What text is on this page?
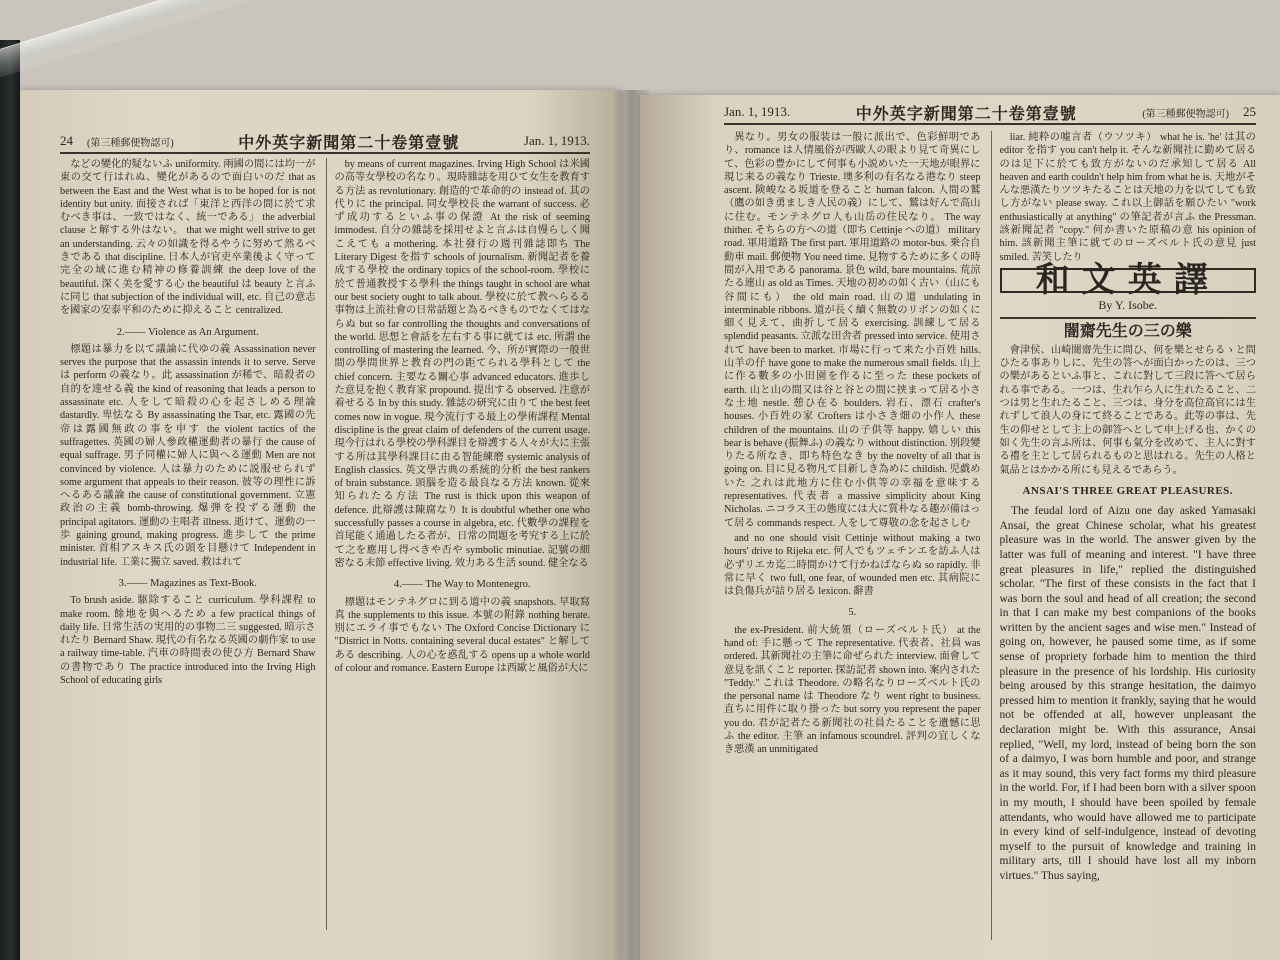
24 (第三種郵便物認可)	中外英字新聞第二十卷第壹號	Jan. 1, 1913.

などの變化的疑ないふ uniformity. 兩國の間には均一が東の交て行はれぬ、變化があるので面白いのだ that as between the East and the West what is to be hoped for is not identity but unity. 面接されば「東洋と西洋の間に於て求むべき事は、一致ではなく、統一である」 the adverbial clause と解する外はない。 that we might well strive to get an understanding. 云々の如識を得るやうに努めて然るべきである that discipline. 日本人が官吏卒業後よく守って完全の域に進む精神の修養訓練 the deep love of the beautiful. 深く美を愛する心 the beautiful は beauty と言ふに同じ that subjection of the individual will, etc. 自己の意志を國家の安泰平和のために抑えること centralized.

2.—— Violence as An Argument.

標題は暴力を以て議論に代ゆの義 Assassination never serves the purpose that the assassin intends it to serve. Serve は perform の義なり。此 assassination が稀で、暗殺者の自的を達せる義 the kind of reasoning that leads a person to assassinate etc. 人をして暗殺の心を起さしめる理論 dastardly. 卑怯なる By assassinating the Tsar, etc. 露國の先帝は露國無政の事を申す the violent tactics of the suffragettes. 英國の婦人參政權運動者の暴行 the cause of equal suffrage. 男子同權に婦人に與へる運動 Men are not convinced by violence. 人は暴力のために説服せられず some argument that appeals to their reason. 彼等の理性に訴へるある議論 the cause of constitutional government. 立憲政治の主義 bomb-throwing. 爆弾を投ずる運動 the principal agitators. 運動の主唱者 illness. 逝けて、運動の一歩 gaining ground, making progress. 進歩して the prime minister. 首相アスキス氏の頭を目懸けて Independent in industrial life. 工業に獨立 saved. 救はれて

3.—— Magazines as Text-Book.

To brush aside. 駆除すること curriculum. 學科課程 to make room. 餘地を與へるため a few practical things of daily life. 日常生活の実用的の事物二三 suggested. 暗示されたり Bernard Shaw. 現代の有名なる英國の劇作家 to use a railway time-table. 汽車の時間表の使ひ方 Bernard Shaw の書物であり The practice introduced into the Irving High School of educating girls

by means of current magazines. Irving High School は米國の高等女學校の名なり。現時雜誌を用ひて女生を教育する方法 as revolutionary. 創造的で革命的の instead of. 其の代りに the principal. 同女學校長 the warrant of success. 必ず成功するといふ事の保證 At the risk of seeming immodest. 自分の雜誌を採用せよと言ふは自慢らしく聞こえても a mothering. 本社發行の週刊雜誌即ち The Literary Digest を指す schools of journalism. 新聞記者を養成する學校 the ordinary topics of the school-room. 學校に於て普通教授する學科 the things taught in school are what our best society ought to talk about. 學校に於て教へらるる事物は上流社會の日常話題と為るべきものでなくてはならぬ but so far controlling the thoughts and conversations of the world. 思想と會話を左右する事に就ては etc. 所謂 the controlling of mastering the learned. 今、所が實際の一般世間の學問世界と教育の門の距てられる學科として the chief concern. 主要なる關心事 advanced educators. 進歩した意見を抱く教育家 propound. 提出する observed. 注意が着せるる In by this study. 雜誌の研究に由りて the best feet comes now in vogue. 現今流行する最上の學術課程 Mental discipline is the great claim of defenders of the current usage. 現今行はれる學校の學科課目を辯護する人々が大に主張する所は其學科課目に由る智能練磨 systemic analysis of English classics. 英文學古典の系統的分析 the best rankers of brain substance. 頭腦を造る最良なる方法 known. 從來知られたる方法 The rust is thick upon this weapon of defence. 此辯護は陳腐なり It is doubtful whether one who successfully passes a course in algebra, etc. 代數學の課程を首尾能く通過したる者が、日常の問題を考究する上に於て之を應用し得べきや否や symbolic minutiae. 記號の細密なる末節 effective living. 效力ある生活 sound. 健全なる

4.—— The Way to Montenegro.

標題はモンテネグロに到る道中の義 snapshots. 早取寫真 the supplements to this issue. 本號の附錄 nothing berate. 別にエライ事でもない The Oxford Concise Dictionary に "District in Notts. containing several ducal estates" と解してある describing. 人の心を惑乱する opens up a whole world of colour and romance. Eastern Europe は西歐と風俗が大に

Jan. 1, 1913.	中外英字新聞第二十卷第壹號	(第三種郵便物認可) 25

異なり。男女の服装は一般に派出で、色彩鮮明であり、romance は人情風俗が西歐人の眼より見て奇異にして、色彩の豊かにして何事も小説めいた一天地が眼界に現じ来るの義なり Trieste. 墺多利の有名なる港なり steep ascent. 険峻なる坂道を登ること human falcon. 人間の鷲（鷹の如き勇ましき人民の義）にして、鷲は好んで高山に住む。モンテネグロ人も山岳の住民なり。 The way thither. そちらの方への道（即ち Cettinje への道） military road. 軍用道路 The first part. 軍用道路の motor-bus. 乗合自動車 mail. 郵便物 You need time. 見物するために多くの時間が入用である panorama. 景色 wild, bare mountains. 荒涼たる連山 as old as Times. 天地の初めの如く古い（山にも谷間にも） the old main road. 山の道 undulating in interminable ribbons. 道が長く續く無数のリボンの如くに細く見えて、曲折して居る exercising. 訓練して居る splendid peasants. 立派な田舎者 pressed into service. 使用されて have been to market. 市場に行って来た小百姓 hills. 山羊の仔 have gone to make the numerous small fields. 山上に作る數多の小田園を作るに至った these pockets of earth. 山と山の間又は谷と谷との間に挟まって居る小さな土地 nestle. 憩ひ在る boulders. 岩石、漂石 crafter's houses. 小百姓の家 Crofters は小さき畑の小作人 these children of the mountains. 山の子供等 happy. 嬉しい this bear is behave (振舞ふ) の義なり without distinction. 別段變りたる所なき、即ち特色なき by the novelty of all that is going on. 目に見る物凡て目新しき為めに childish. 児戯めいた 之れは此地方に住む小供等の幸福を意味する representatives. 代表者 a massive simplicity about King Nicholas. ニコラス王の態度には大に質朴なる趣が備はって居る commands respect. 人をして尊敬の念を起さしむ

and no one should visit Cettinje without making a two hours' drive to Rijeka etc. 何人でもツェチンエを訪ふ人は必ずリエカ迄二時間かけて行かねばならぬ so rapidly. 非常に早く two full, one fear, of wounded men etc. 其病院には負傷兵が詰り居る lexicon. 辭書

5.

the ex-President. 前大統領（ローズベルト氏） at the hand of: 手に懸って The representative. 代表者、社員 was ordered. 其新聞社の主筆に命ぜられた interview. 面會して意見を訊くこと reporter. 探訪記者 shown into. 案内された "Teddy." これは Theodore. の略名なりローズベルト氏の the personal name は Theodore なり went right to business. 直ちに用件に取り掛った but sorry you represent the paper you do. 君が記者たる新聞社の社員たることを遺憾に思ふ the editor. 主筆 an infamous scoundrel. 評判の宜しくなき悪漢 an unmitigated

liar. 純粋の嘘言者（ウソツキ） what he is. 'he' は其の editor を指す you can't help it. そんな新聞社に勤めて居るのは足下に於ても致方がないのだ承知して居る All heaven and earth couldn't help him from what he is. 天地がそんな悪漢たりツツキたることは天地の力を以てしても致し方がない please sway. これ以上御話を願ひたい "work enthusiastically at anything" の筆記者が言ふ the Pressman. 該新聞記者 "copy." 何か書いた原稿の意 his opinion of him. 該新聞主筆に就てのローズベルト氏の意見 just smiled. 苦笑したり

和文英譯
By Y. Isobe.
闇齋先生の三の樂

會津侯、山崎闇齋先生に問ひ、何を樂とせらるゝと問ひたる事ありしに、先生の答へが面白かったのは、三つの樂があるといふ事と、これに對して三段に答へて居られる事である。一つは、生れ乍ら人に生れたること、二つは男と生れたること、三つは、身分を高位高官には生れずして浪人の身にて終ることである。此等の事は、先生の仰せとして主上の御答へとして申上げる也、かくの如く先生の言ふ所は、何事も氣分を改めて、主人に對する禮を主として居られるものと思はれる。先生の人格と氣品とはかかる所にも見えるであらう。

ANSAI'S THREE GREAT PLEASURES.

The feudal lord of Aizu one day asked Yamasaki Ansai, the great Chinese scholar, what his greatest pleasure was in the world. The answer given by the latter was full of meaning and interest. "I have three great pleasures in life," replied the distinguished scholar. "The first of these consists in the fact that I was born the soul and head of all creation; the second in that I can make my best companions of the books written by the ancient sages and wise men." Instead of going on, however, he paused some time, as if some sense of propriety forbade him to mention the third pleasure in the presence of his lordship. His curiosity being aroused by this strange hesitation, the daimyo pressed him to mention it frankly, saying that he would not be offended at all, however unpleasant the declaration might be. With this assurance, Ansai replied, "Well, my lord, instead of being born the son of a daimyo, I was born humble and poor, and strange as it may sound, this very fact forms my third pleasure in the world. For, if I had been born with a silver spoon in my mouth, I should have been spoiled by female attendants, who would have allowed me to participate in every kind of self-indulgence, instead of devoting myself to the pursuit of knowledge and training in military arts, till I should have lost all my inborn virtues." Thus saying,
